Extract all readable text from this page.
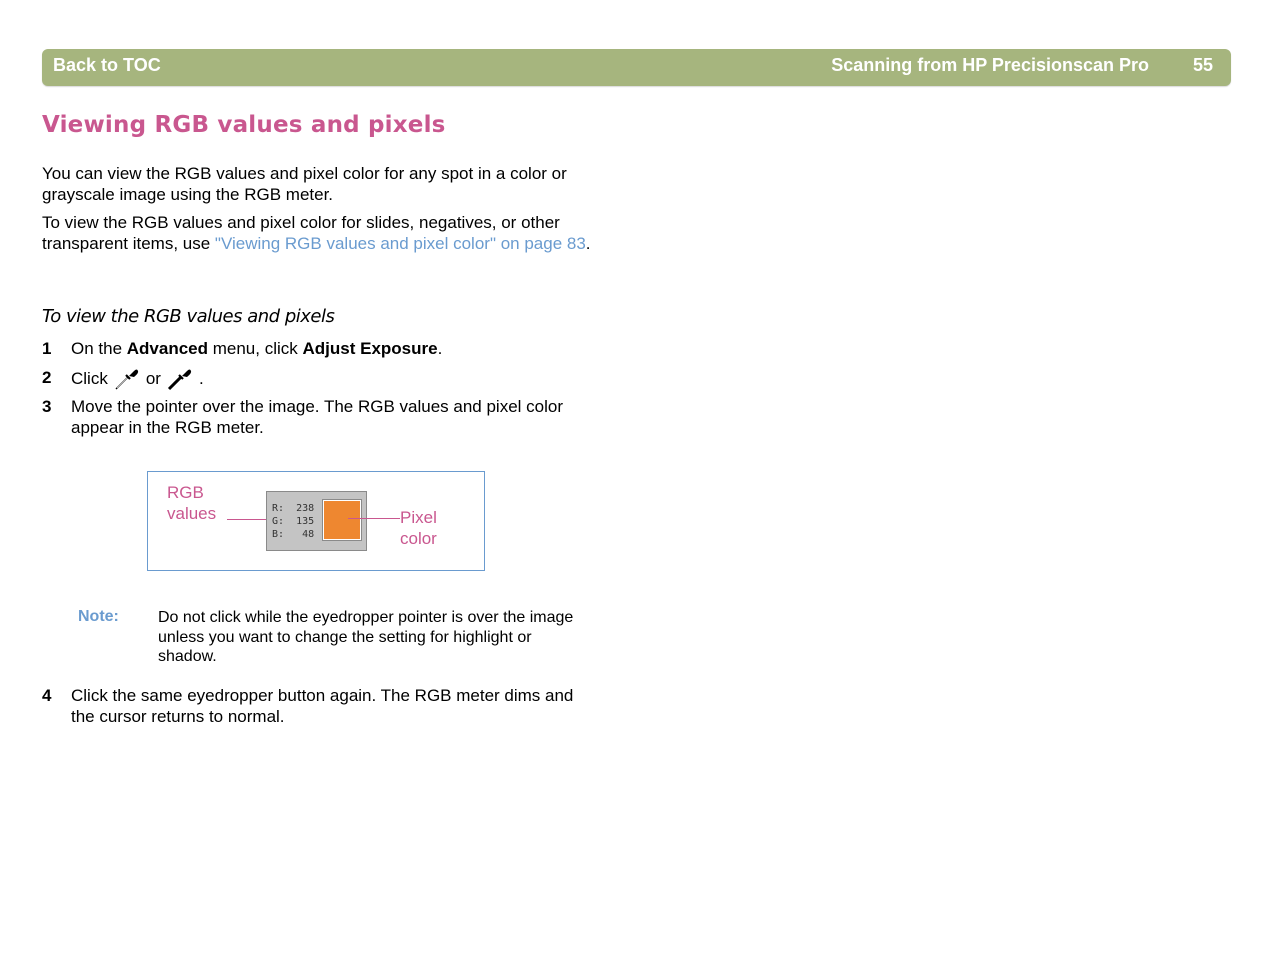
Back to TOC	Scanning from HP Precisionscan Pro 55
Viewing RGB values and pixels

You can view the RGB values and pixel color for any spot in a color or grayscale image using the RGB meter.

To view the RGB values and pixel color for slides, negatives, or other transparent items, use "Viewing RGB values and pixel color" on page 83.

To view the RGB values and pixels
1 On the Advanced menu, click Adjust Exposure.
2 Click or .
3 Move the pointer over the image. The RGB values and pixel color appear in the RGB meter.
RGB
values	R:  238
G:  135
B:   48
Pixel
color
Note: Do not click while the eyedropper pointer is over the image unless you want to change the setting for highlight or shadow.
4 Click the same eyedropper button again. The RGB meter dims and the cursor returns to normal.
